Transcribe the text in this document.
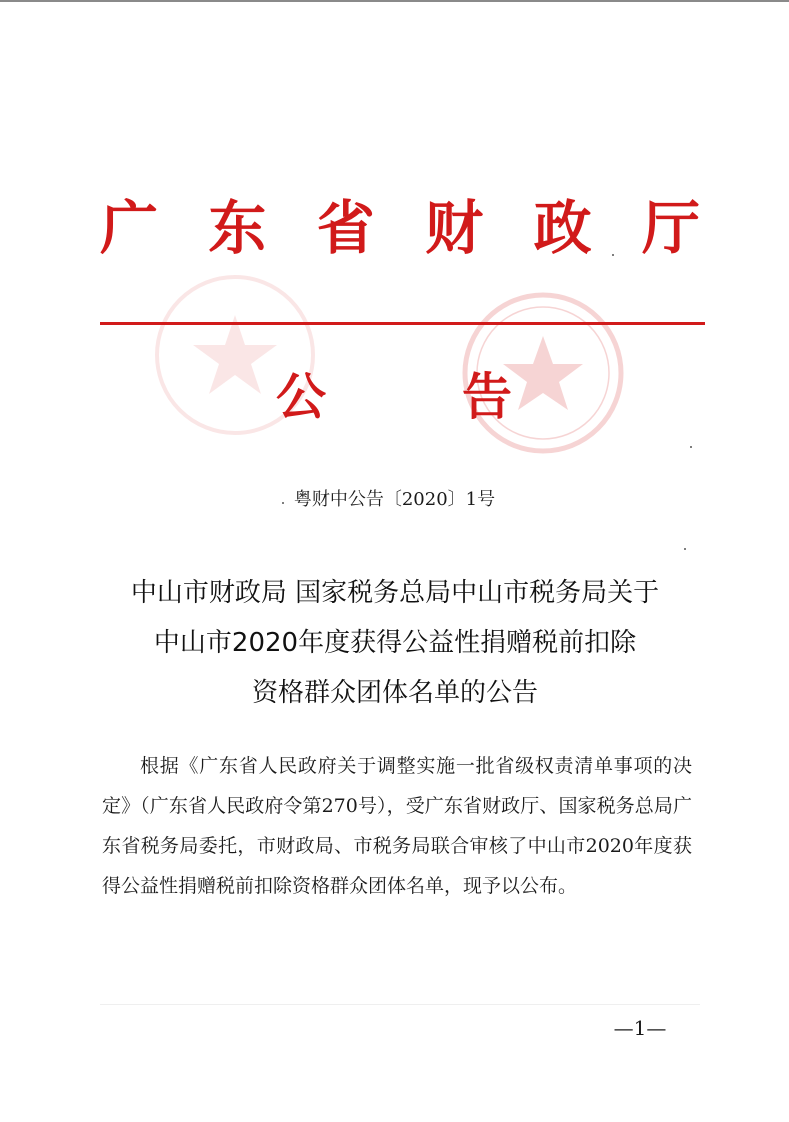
广 东 省 财 政 厅
公	告
粤财中公告〔2020〕1号
中山市财政局 国家税务总局中山市税务局关于
中山市2020年度获得公益性捐赠税前扣除
资格群众团体名单的公告
根据《广东省人民政府关于调整实施一批省级权责清单事项的决定》（广东省人民政府令第270号），受广东省财政厅、国家税务总局广东省税务局委托，市财政局、市税务局联合审核了中山市2020年度获得公益性捐赠税前扣除资格群众团体名单，现予以公布。
—1—
